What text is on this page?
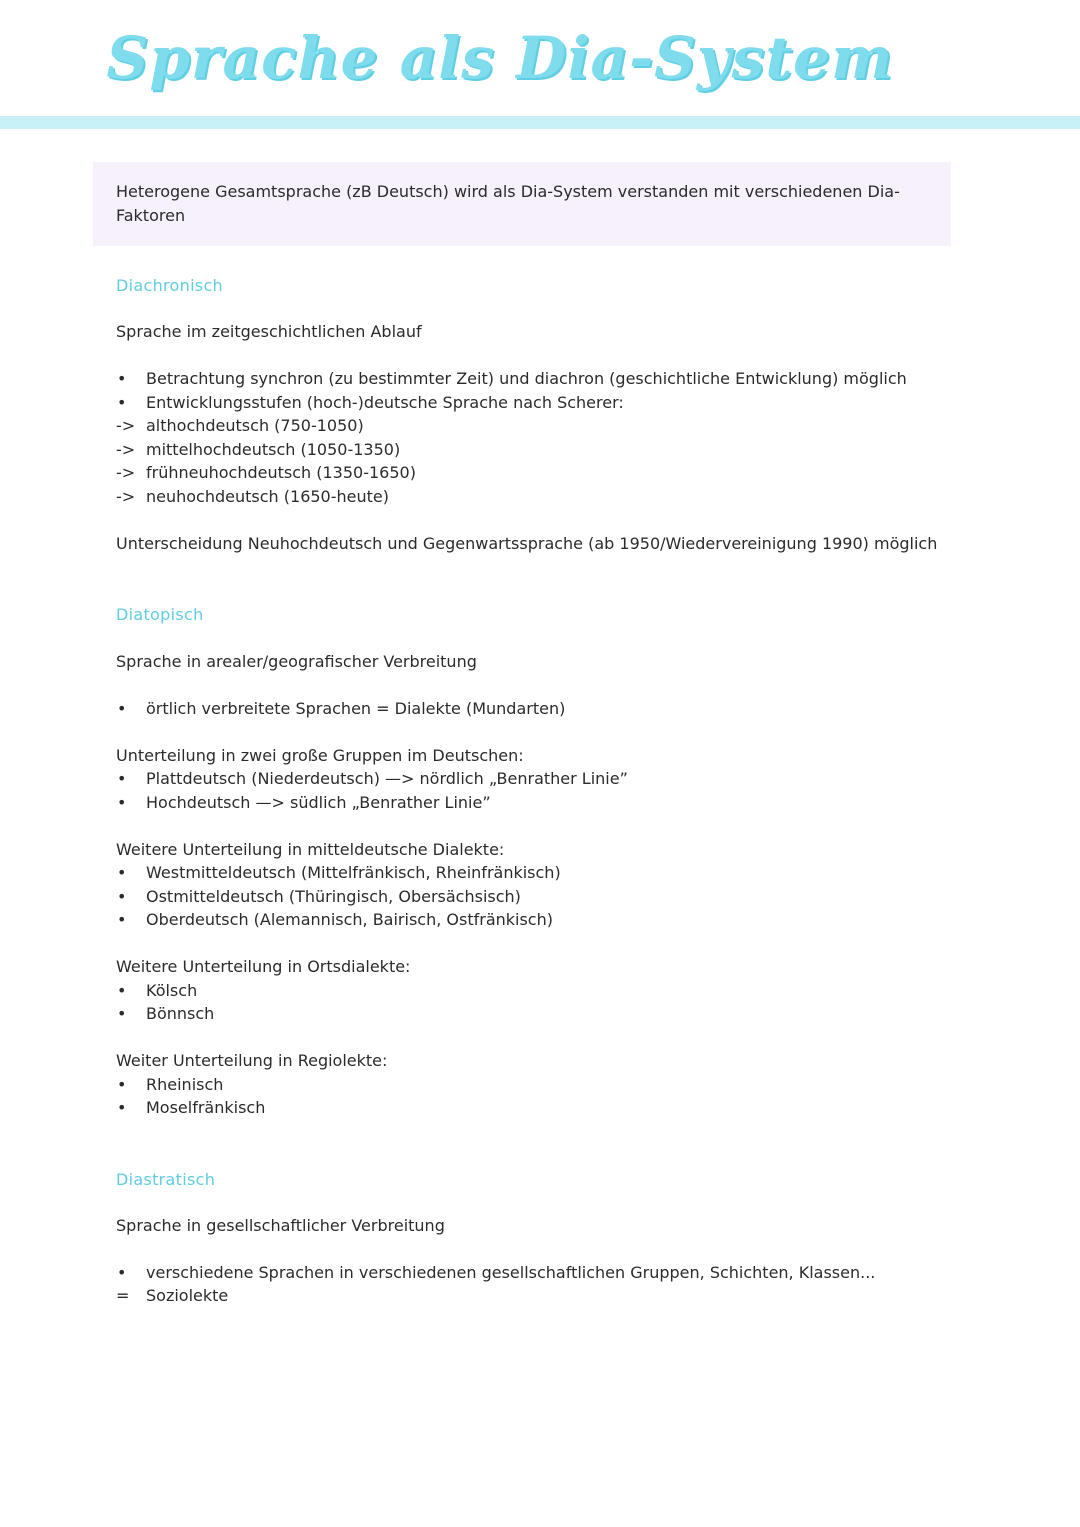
Sprache als Dia-System
Heterogene Gesamtsprache (zB Deutsch) wird als Dia-System verstanden mit verschiedenen Dia-Faktoren
Diachronisch
Sprache im zeitgeschichtlichen Ablauf
• Betrachtung synchron (zu bestimmter Zeit) und diachron (geschichtliche Entwicklung) möglich
• Entwicklungsstufen (hoch-)deutsche Sprache nach Scherer:
-> althochdeutsch (750-1050)
-> mittelhochdeutsch (1050-1350)
-> frühneuhochdeutsch (1350-1650)
-> neuhochdeutsch (1650-heute)
Unterscheidung Neuhochdeutsch und Gegenwartssprache (ab 1950/Wiedervereinigung 1990) möglich
Diatopisch
Sprache in arealer/geografischer Verbreitung
• örtlich verbreitete Sprachen = Dialekte (Mundarten)
Unterteilung in zwei große Gruppen im Deutschen:
• Plattdeutsch (Niederdeutsch) —> nördlich „Benrather Linie”
• Hochdeutsch —> südlich „Benrather Linie”
Weitere Unterteilung in mitteldeutsche Dialekte:
• Westmitteldeutsch (Mittelfränkisch, Rheinfränkisch)
• Ostmitteldeutsch (Thüringisch, Obersächsisch)
• Oberdeutsch (Alemannisch, Bairisch, Ostfränkisch)
Weitere Unterteilung in Ortsdialekte:
• Kölsch
• Bönnsch
Weiter Unterteilung in Regiolekte:
• Rheinisch
• Moselfränkisch
Diastratisch
Sprache in gesellschaftlicher Verbreitung
• verschiedene Sprachen in verschiedenen gesellschaftlichen Gruppen, Schichten, Klassen...
= Soziolekte
